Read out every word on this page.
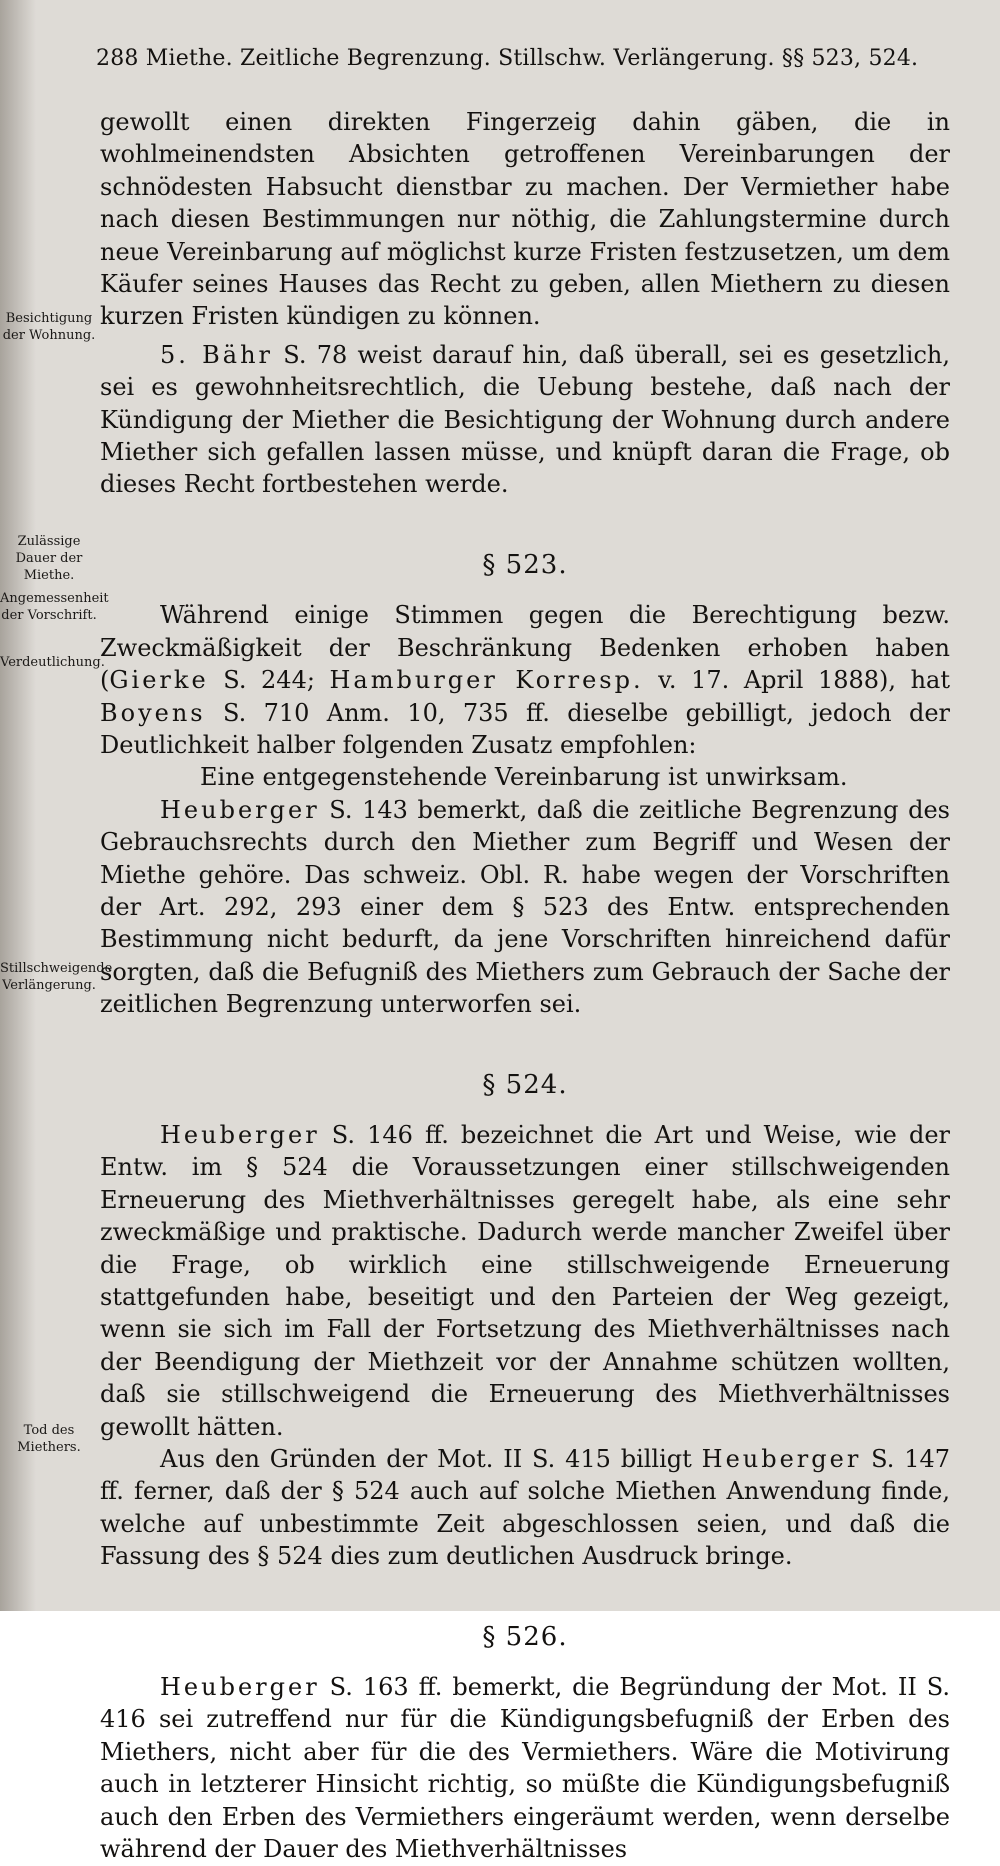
288 Miethe. Zeitliche Begrenzung. Stillschw. Verlängerung. §§ 523, 524.
Besichtigung der Wohnung.
Zulässige Dauer der Miethe.
Angemessenheit der Vorschrift.
Verdeutlichung.
Stillschweigende Verlängerung.
Tod des Miethers.

gewollt einen direkten Fingerzeig dahin gäben, die in wohlmeinendsten Absichten getroffenen Vereinbarungen der schnödesten Habsucht dienstbar zu machen. Der Vermiether habe nach diesen Bestimmungen nur nöthig, die Zahlungstermine durch neue Vereinbarung auf möglichst kurze Fristen festzusetzen, um dem Käufer seines Hauses das Recht zu geben, allen Miethern zu diesen kurzen Fristen kündigen zu können.

5. Bähr S. 78 weist darauf hin, daß überall, sei es gesetzlich, sei es gewohnheitsrechtlich, die Uebung bestehe, daß nach der Kündigung der Miether die Besichtigung der Wohnung durch andere Miether sich gefallen lassen müsse, und knüpft daran die Frage, ob dieses Recht fortbestehen werde.

§ 523.

Während einige Stimmen gegen die Berechtigung bezw. Zweckmäßigkeit der Beschränkung Bedenken erhoben haben (Gierke S. 244; Hamburger Korresp. v. 17. April 1888), hat Boyens S. 710 Anm. 10, 735 ff. dieselbe gebilligt, jedoch der Deutlichkeit halber folgenden Zusatz empfohlen:

Eine entgegenstehende Vereinbarung ist unwirksam.

Heuberger S. 143 bemerkt, daß die zeitliche Begrenzung des Gebrauchsrechts durch den Miether zum Begriff und Wesen der Miethe gehöre. Das schweiz. Obl. R. habe wegen der Vorschriften der Art. 292, 293 einer dem § 523 des Entw. entsprechenden Bestimmung nicht bedurft, da jene Vorschriften hinreichend dafür sorgten, daß die Befugniß des Miethers zum Gebrauch der Sache der zeitlichen Begrenzung unterworfen sei.

§ 524.

Heuberger S. 146 ff. bezeichnet die Art und Weise, wie der Entw. im § 524 die Voraussetzungen einer stillschweigenden Erneuerung des Miethverhältnisses geregelt habe, als eine sehr zweckmäßige und praktische. Dadurch werde mancher Zweifel über die Frage, ob wirklich eine stillschweigende Erneuerung stattgefunden habe, beseitigt und den Parteien der Weg gezeigt, wenn sie sich im Fall der Fortsetzung des Miethverhältnisses nach der Beendigung der Miethzeit vor der Annahme schützen wollten, daß sie stillschweigend die Erneuerung des Miethverhältnisses gewollt hätten.

Aus den Gründen der Mot. II S. 415 billigt Heuberger S. 147 ff. ferner, daß der § 524 auch auf solche Miethen Anwendung finde, welche auf unbestimmte Zeit abgeschlossen seien, und daß die Fassung des § 524 dies zum deutlichen Ausdruck bringe.

§ 526.

Heuberger S. 163 ff. bemerkt, die Begründung der Mot. II S. 416 sei zutreffend nur für die Kündigungsbefugniß der Erben des Miethers, nicht aber für die des Vermiethers. Wäre die Motivirung auch in letzterer Hinsicht richtig, so müßte die Kündigungsbefugniß auch den Erben des Vermiethers eingeräumt werden, wenn derselbe während der Dauer des Miethverhältnisses
